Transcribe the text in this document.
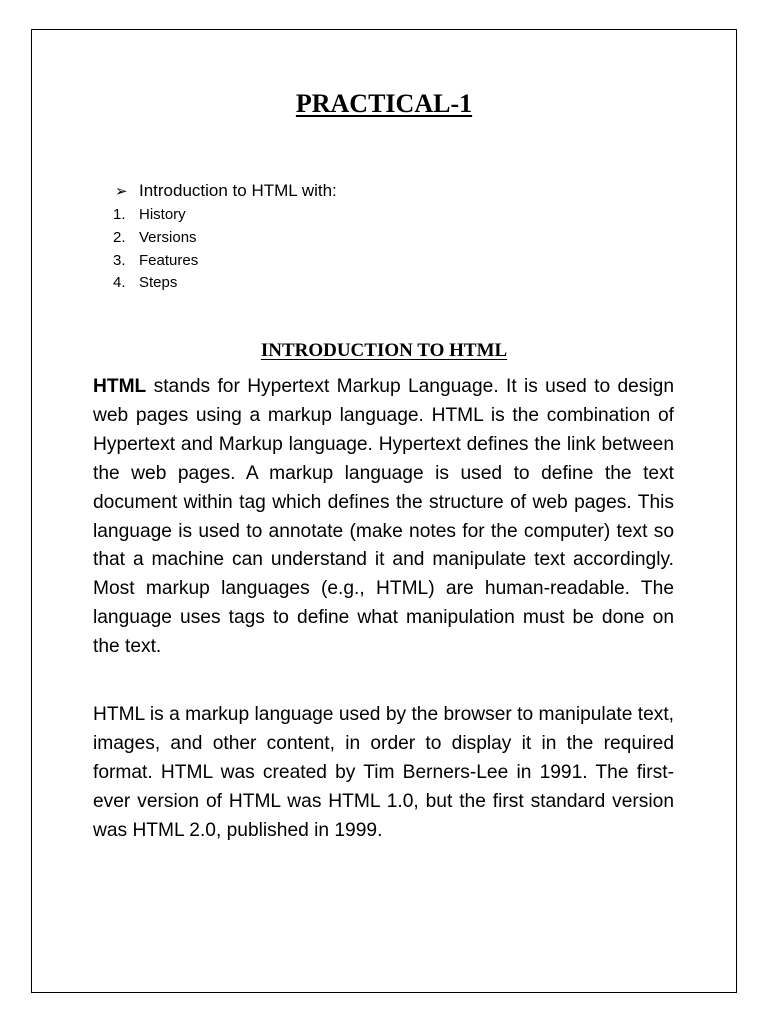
PRACTICAL-1
➢ Introduction to HTML with:
1. History
2. Versions
3. Features
4. Steps
INTRODUCTION TO HTML

HTML stands for Hypertext Markup Language. It is used to design web pages using a markup language. HTML is the combination of Hypertext and Markup language. Hypertext defines the link between the web pages. A markup language is used to define the text document within tag which defines the structure of web pages. This language is used to annotate (make notes for the computer) text so that a machine can understand it and manipulate text accordingly. Most markup languages (e.g., HTML) are human-readable. The language uses tags to define what manipulation must be done on the text.

HTML is a markup language used by the browser to manipulate text, images, and other content, in order to display it in the required format. HTML was created by Tim Berners-Lee in 1991. The first-ever version of HTML was HTML 1.0, but the first standard version was HTML 2.0, published in 1999.
